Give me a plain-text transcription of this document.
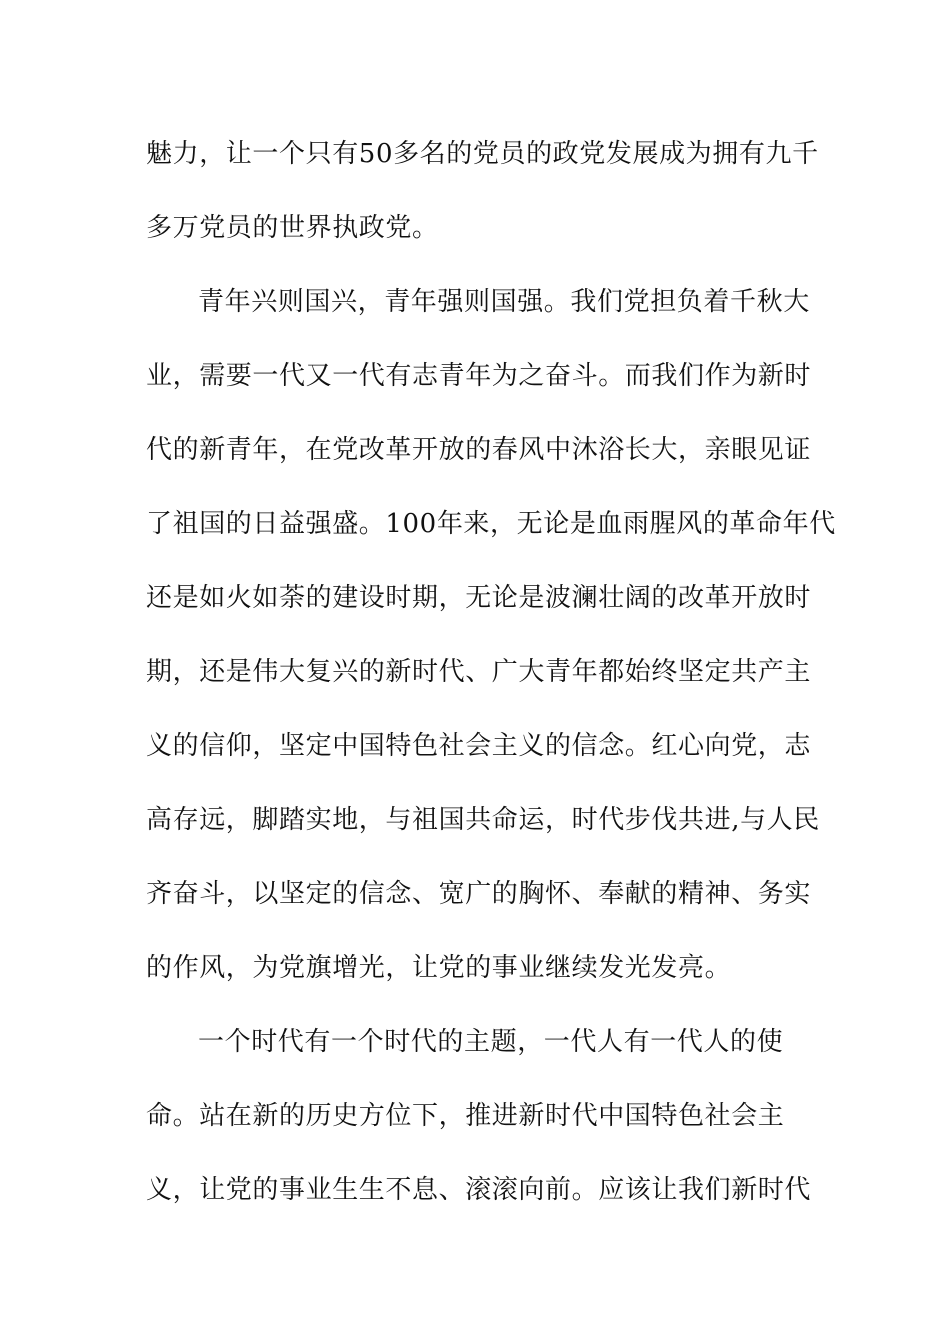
魅力，让一个只有50多名的党员的政党发展成为拥有九千
多万党员的世界执政党。
青年兴则国兴，青年强则国强。我们党担负着千秋大
业，需要一代又一代有志青年为之奋斗。而我们作为新时
代的新青年，在党改革开放的春风中沐浴长大，亲眼见证
了祖国的日益强盛。100年来，无论是血雨腥风的革命年代
还是如火如荼的建设时期，无论是波澜壮阔的改革开放时
期，还是伟大复兴的新时代、广大青年都始终坚定共产主
义的信仰，坚定中国特色社会主义的信念。红心向党，志
高存远，脚踏实地，与祖国共命运，时代步伐共进,与人民
齐奋斗，以坚定的信念、宽广的胸怀、奉献的精神、务实
的作风，为党旗增光，让党的事业继续发光发亮。
一个时代有一个时代的主题，一代人有一代人的使
命。站在新的历史方位下，推进新时代中国特色社会主
义，让党的事业生生不息、滚滚向前。应该让我们新时代
